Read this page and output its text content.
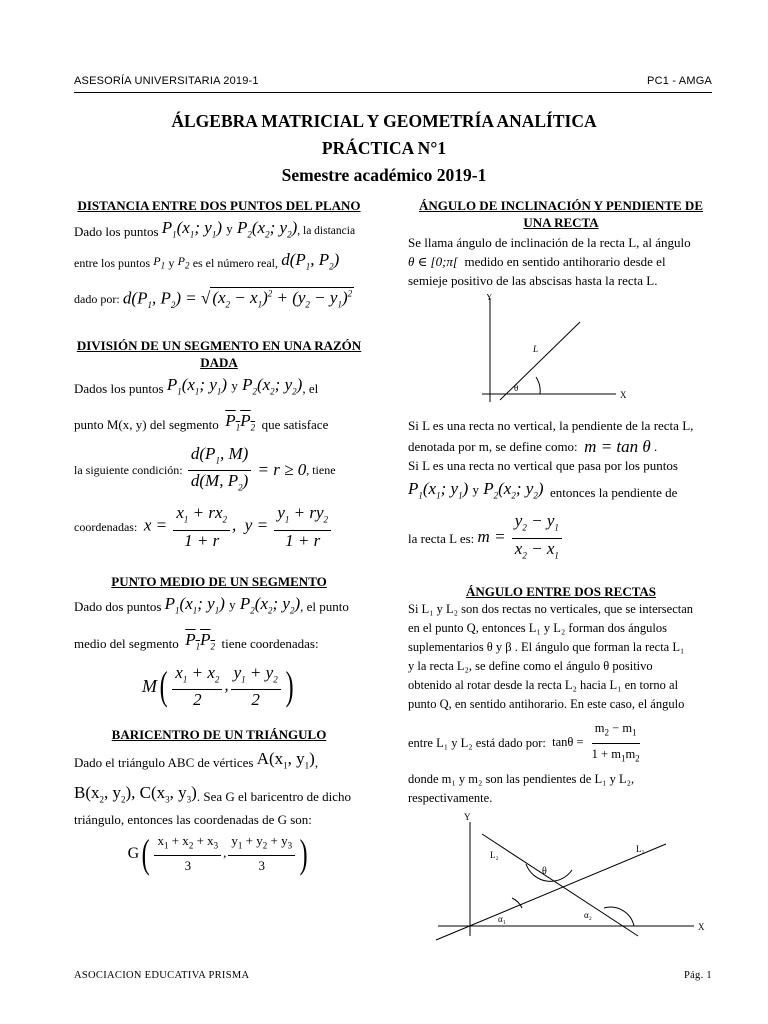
ASESORÍA UNIVERSITARIA 2019-1	PC1 - AMGA
ÁLGEBRA MATRICIAL Y GEOMETRÍA ANALÍTICA
PRÁCTICA N°1
Semestre académico 2019-1
DISTANCIA ENTRE DOS PUNTOS DEL PLANO
Dado los puntos
$P_1(x_1$; $y_1$) y $P_2(x_2$; $y_2$) , la distancia
entre los puntos
$P_1$
y
$P_2$
es el número real,
$d(P_1$, $P_2$)
dado por:
$d(P_1$, $P_2$) = √ $(x_2 - x_1)^2 + (y_2 - y_1)^2$
DIVISIÓN DE UN SEGMENTO EN UNA RAZÓN DADA
Dados los puntos
$P_1(x_1$; $y_1$) y $P_2(x_2$; $y_2$) , el
punto M(x, y) del segmento
$P_1P_2$
que satisface
la siguiente condición:
$\frac{d(P_1, M)}{d(M, P_2)} = r \ge 0$ , tiene
coordenadas:
$x = \frac{x_1 + rx_2}{1 + r}$ ,  $y = \frac{y_1 + ry_2}{1 + r}$
PUNTO MEDIO DE UN SEGMENTO
Dado dos puntos
$P_1(x_1$; $y_1$) y $P_2(x_2$; $y_2$) , el punto
medio del segmento
$P_1P_2$
tiene coordenadas:
M ( $\frac{x_1 + x_2}{2}$ , $\frac{y_1 + y_2}{2}$ )
BARICENTRO DE UN TRIÁNGULO
Dado el triángulo ABC de vértices
$A(x_1$, $y_1$) ,
$B(x_2$, $y_2$), $C(x_3$, $y_3$) . Sea G el baricentro de dicho
triángulo, entonces las coordenadas de G son:
G ( $\frac{x_1 + x_2 + x_3}{3}$ , $\frac{y_1 + y_2 + y_3}{3}$ )
ÁNGULO DE INCLINACIÓN Y PENDIENTE DE UNA RECTA
Se llama ángulo de inclinación de la recta L, al ángulo
θ ∈ [0;π[
medido en sentido antihorario desde el
semieje positivo de las abscisas hasta la recta L.
Y
X
L
θ
Si L es una recta no vertical, la pendiente de la recta L,
denotada por m, se define como:
m = tan θ .
Si L es una recta no vertical que pasa por los puntos
$P_1(x_1$; $y_1$) y $P_2(x_2$; $y_2$)
entonces la pendiente de
la recta L es:
$m = \frac{y_2 - y_1}{x_2 - x_1}$
ÁNGULO ENTRE DOS RECTAS
Si L₁ y L₂ son dos rectas no verticales, que se intersectan
en el punto Q, entonces L₁ y L₂ forman dos ángulos
suplementarios θ y β . El ángulo que forman la recta L₁
y la recta L₂, se define como el ángulo θ positivo
obtenido al rotar desde la recta L₂ hacia L₁ en torno al
punto Q, en sentido antihorario. En este caso, el ángulo
entre L₁ y L₂ está dado por:
$\tan\theta = \frac{m_2 - m_1}{1 + m_1m_2}$
donde m₁ y m₂ son las pendientes de L₁ y L₂,
respectivamente.
Y
X
L₁
L₂
θ
α₁	α₂
ASOCIACION EDUCATIVA PRISMA	Pág. 1
